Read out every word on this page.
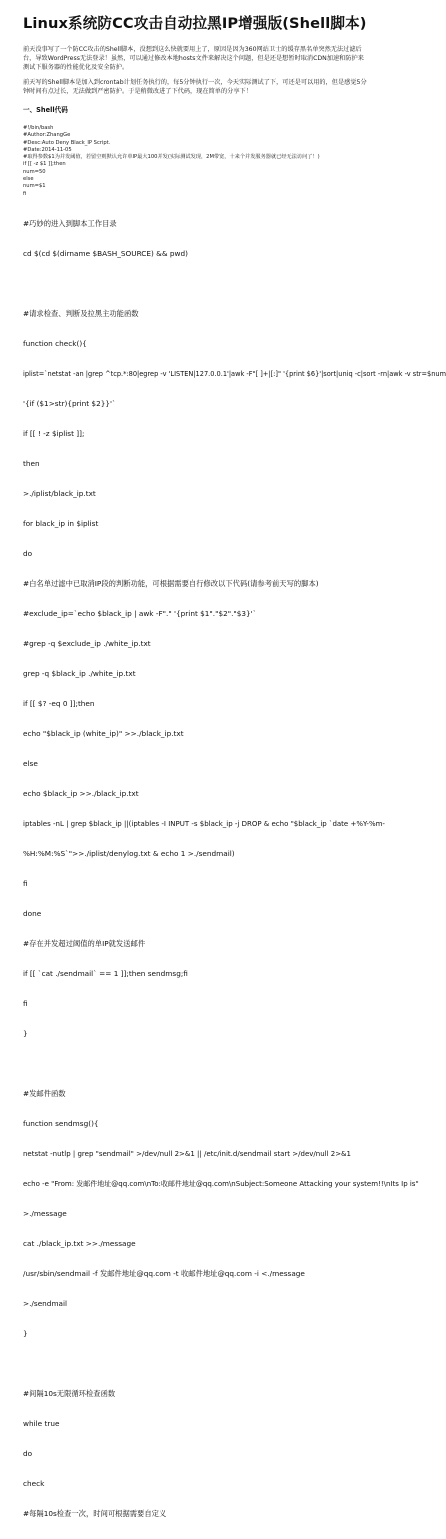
Linux系统防CC攻击自动拉黑IP增强版(Shell脚本)
前天没事写了一个防CC攻击的Shell脚本，没想到这么快就要用上了，原因是因为360网站卫士的缓存黑名单突然无法过滤后
台，导致WordPress无法登录！虽然，可以通过修改本地hosts文件来解决这个问题，但是还是想暂时取消CDN加速和防护来
测试下服务器的性能优化及安全防护。
前天写的Shell脚本是加入到crontab计划任务执行的，每5分钟执行一次，今天实际测试了下，可还是可以用的，但是感觉5分
钟时间有点过长，无法做到严密防护。于是稍微改进了下代码，现在简单的分享下！
一、Shell代码
#!/bin/bash
#Author:ZhangGe
#Desc:Auto Deny Black_IP Script.
#Date:2014-11-05
#取得参数$1为并发阈值，若留空则默认允许单IP最大100并发(实际测试发现，2M带宽，十来个并发服务器就已经无法访问了！)
if [[ -z $1 ]];then
num=50
else
num=$1
fi

#巧妙的进入到脚本工作目录

cd $(cd $(dirname $BASH_SOURCE) && pwd)

#请求检查、判断及拉黑主功能函数

function check(){

iplist=`netstat -an |grep ^tcp.*:80|egrep -v 'LISTEN|127.0.0.1'|awk -F"[ ]+|[:]" '{print $6}'|sort|uniq -c|sort -rn|awk -v str=$num

'{if ($1>str){print $2}}'`

if [[ ! -z $iplist ]];

then

>./iplist/black_ip.txt

for black_ip in $iplist

do

#白名单过滤中已取消IP段的判断功能，可根据需要自行修改以下代码(请参考前天写的脚本)

#exclude_ip=`echo $black_ip | awk -F"." '{print $1"."$2"."$3}'`

#grep -q $exclude_ip ./white_ip.txt

grep -q $black_ip ./white_ip.txt

if [[ $? -eq 0 ]];then

echo "$black_ip (white_ip)" >>./black_ip.txt

else

echo $black_ip >>./black_ip.txt

iptables -nL | grep $black_ip ||(iptables -I INPUT -s $black_ip -j DROP & echo "$black_ip `date +%Y-%m-

%H:%M:%S`">>./iplist/denylog.txt & echo 1 >./sendmail)

fi

done

#存在并发超过阈值的单IP就发送邮件

if [[ `cat ./sendmail` == 1 ]];then sendmsg;fi

fi

}

#发邮件函数

function sendmsg(){

netstat -nutlp | grep "sendmail" >/dev/null 2>&1 || /etc/init.d/sendmail start >/dev/null 2>&1

echo -e "From: 发邮件地址@qq.com\nTo:收邮件地址@qq.com\nSubject:Someone Attacking your system!!\nIts Ip is"

>./message

cat ./black_ip.txt >>./message

/usr/sbin/sendmail -f 发邮件地址@qq.com -t 收邮件地址@qq.com -i <./message

>./sendmail

}

#间隔10s无限循环检查函数

while true

do

check

#每隔10s检查一次，时间可根据需要自定义
